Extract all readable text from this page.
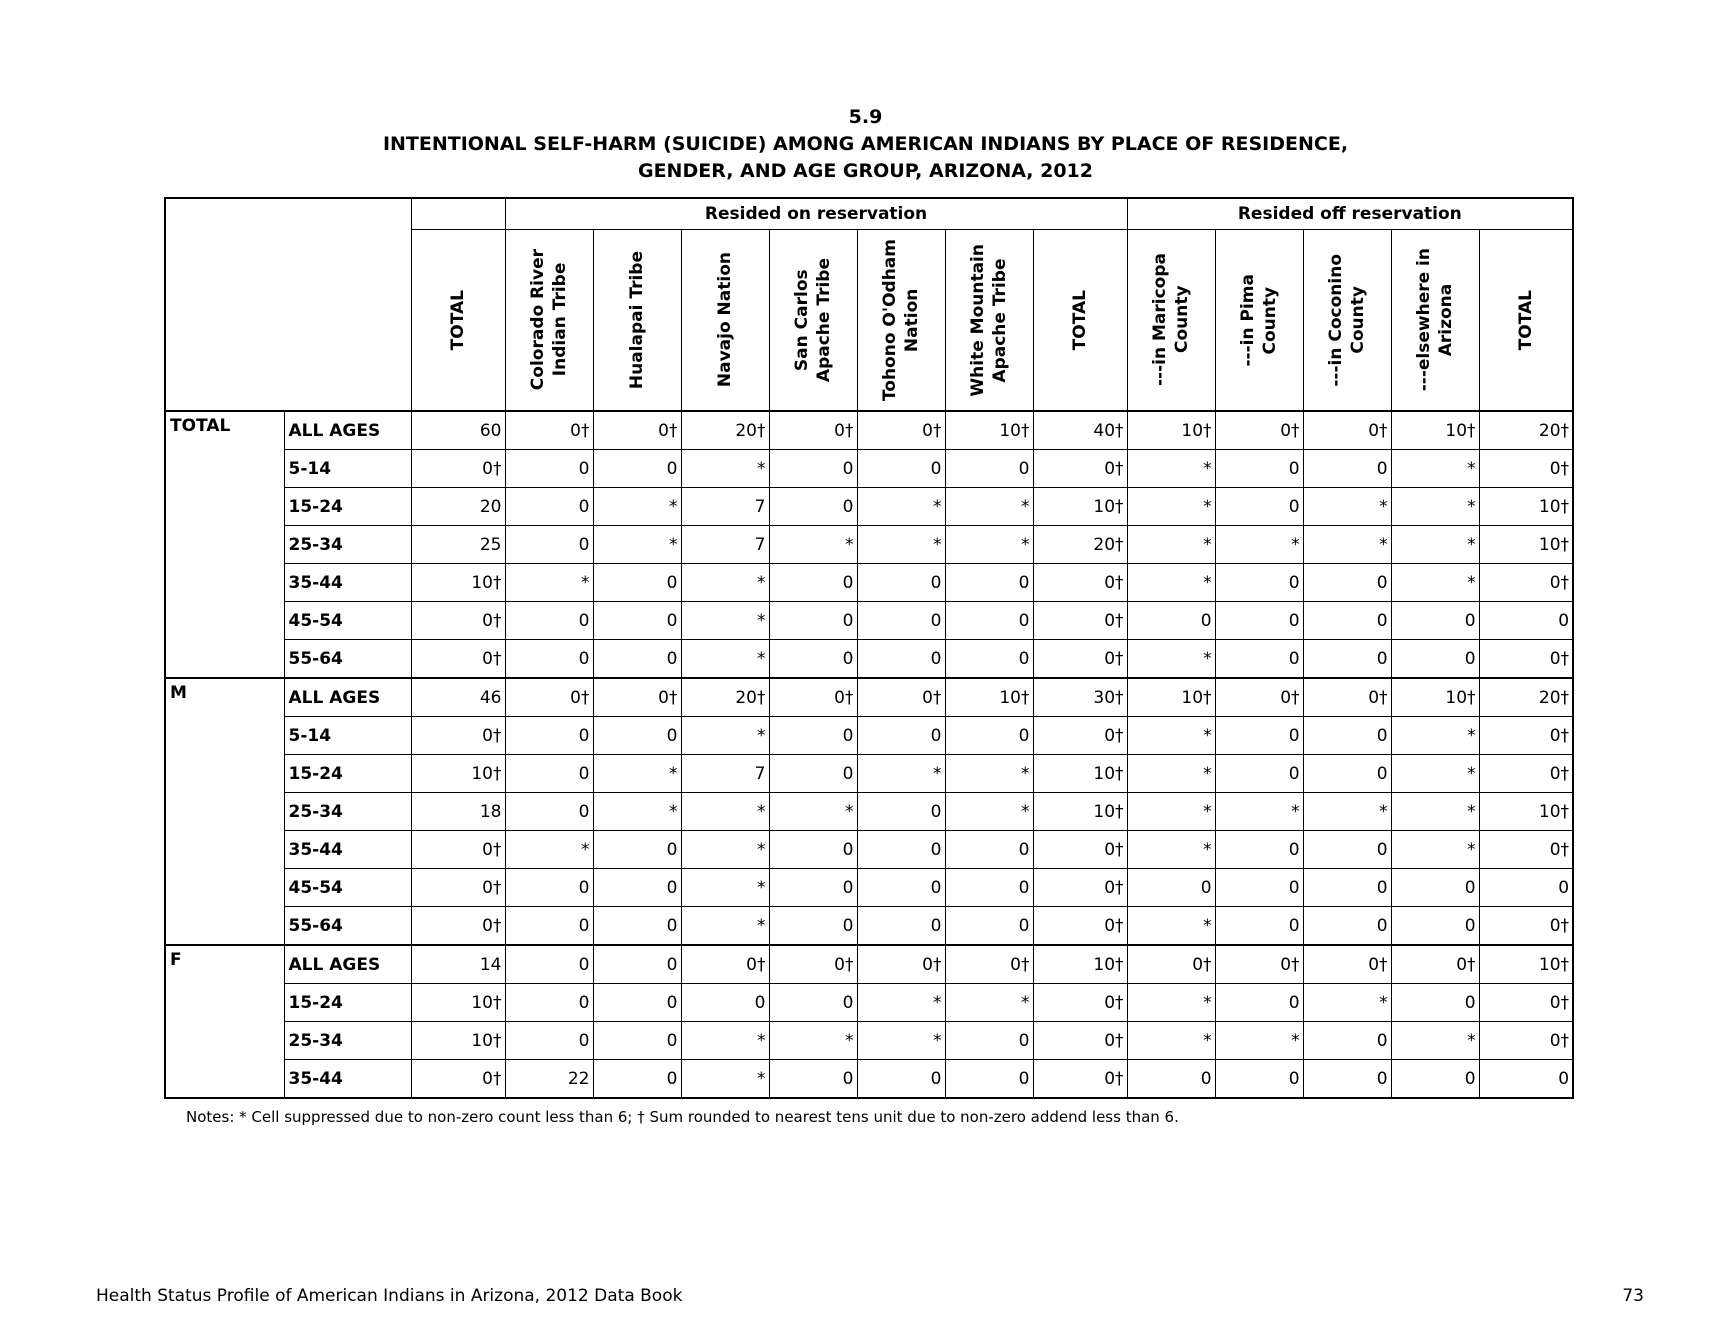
5.9
INTENTIONAL SELF-HARM (SUICIDE) AMONG AMERICAN INDIANS BY PLACE OF RESIDENCE,
GENDER, AND AGE GROUP, ARIZONA, 2012
			Resided on reservation							Resided off reservation				

		TOTAL	Colorado River
Indian Tribe	Hualapai Tribe	Navajo Nation	San Carlos
Apache Tribe	Tohono O'Odham
Nation	White Mountain
Apache Tribe	TOTAL	---in Maricopa
County	---in Pima
County	---in Coconino
County	---elsewhere in
Arizona	TOTAL

TOTAL	ALL AGES	60	0†	0†	20†	0†	0†	10†	40†	10†	0†	0†	10†	20†
	5-14	0†	0	0	*	0	0	0	0†	*	0	0	*	0†
	15-24	20	0	*	7	0	*	*	10†	*	0	*	*	10†
	25-34	25	0	*	7	*	*	*	20†	*	*	*	*	10†
	35-44	10†	*	0	*	0	0	0	0†	*	0	0	*	0†
	45-54	0†	0	0	*	0	0	0	0†	0	0	0	0	0
	55-64	0†	0	0	*	0	0	0	0†	*	0	0	0	0†
M	ALL AGES	46	0†	0†	20†	0†	0†	10†	30†	10†	0†	0†	10†	20†
	5-14	0†	0	0	*	0	0	0	0†	*	0	0	*	0†
	15-24	10†	0	*	7	0	*	*	10†	*	0	0	*	0†
	25-34	18	0	*	*	*	0	*	10†	*	*	*	*	10†
	35-44	0†	*	0	*	0	0	0	0†	*	0	0	*	0†
	45-54	0†	0	0	*	0	0	0	0†	0	0	0	0	0
	55-64	0†	0	0	*	0	0	0	0†	*	0	0	0	0†
F	ALL AGES	14	0	0	0†	0†	0†	0†	10†	0†	0†	0†	0†	10†
	15-24	10†	0	0	0	0	*	*	0†	*	0	*	0	0†
	25-34	10†	0	0	*	*	*	0	0†	*	*	0	*	0†
	35-44	0†	22	0	*	0	0	0	0†	0	0	0	0	0
Notes: * Cell suppressed due to non-zero count less than 6; † Sum rounded to nearest tens unit due to non-zero addend less than 6.
Health Status Profile of American Indians in Arizona, 2012 Data Book	73
